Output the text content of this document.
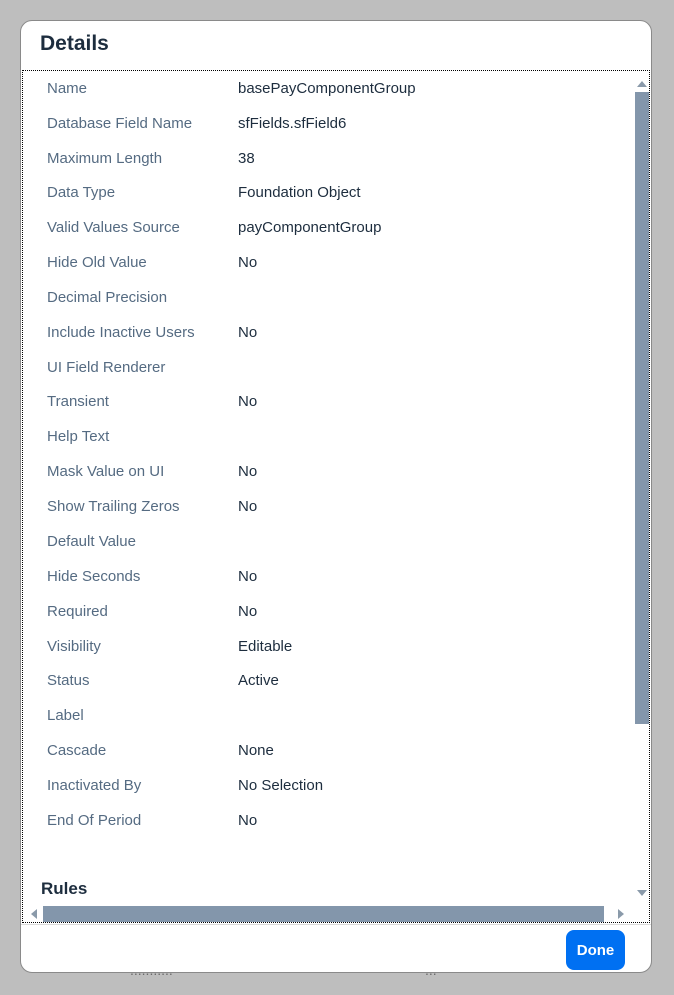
Details
Name	basePayComponentGroup
Database Field Name	sfFields.sfField6
Maximum Length	38
Data Type	Foundation Object
Valid Values Source	payComponentGroup
Hide Old Value	No
Decimal Precision
Include Inactive Users	No
UI Field Renderer
Transient	No
Help Text
Mask Value on UI	No
Show Trailing Zeros	No
Default Value
Hide Seconds	No
Required	No
Visibility	Editable
Status	Active
Label
Cascade	None
Inactivated By	No Selection
End Of Period	No
Rules
Done
